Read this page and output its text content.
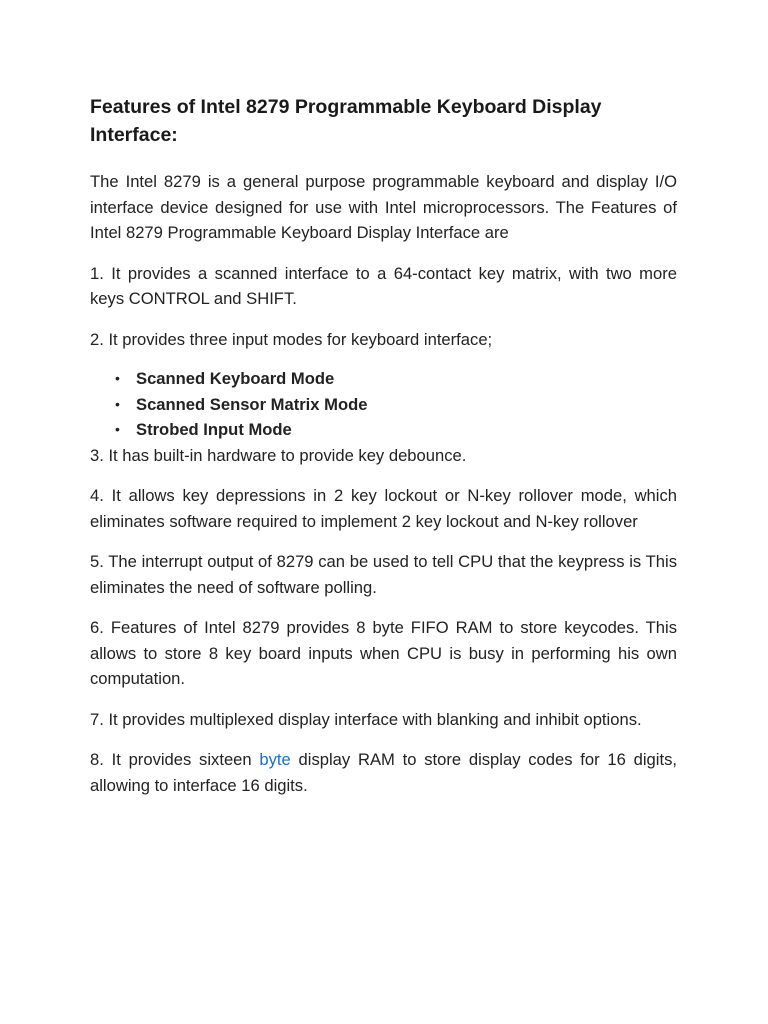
Features of Intel 8279 Programmable Keyboard Display Interface:

The Intel 8279 is a general purpose programmable keyboard and display I/O interface device designed for use with Intel microprocessors. The Features of Intel 8279 Programmable Keyboard Display Interface are

1. It provides a scanned interface to a 64-contact key matrix, with two more keys CONTROL and SHIFT.

2. It provides three input modes for keyboard interface;

• Scanned Keyboard Mode
• Scanned Sensor Matrix Mode
• Strobed Input Mode

3. It has built-in hardware to provide key debounce.

4. It allows key depressions in 2 key lockout or N-key rollover mode, which eliminates software required to implement 2 key lockout and N-key rollover

5. The interrupt output of 8279 can be used to tell CPU that the keypress is This eliminates the need of software polling.

6. Features of Intel 8279 provides 8 byte FIFO RAM to store keycodes. This allows to store 8 key board inputs when CPU is busy in performing his own computation.

7. It provides multiplexed display interface with blanking and inhibit options.

8. It provides sixteen byte display RAM to store display codes for 16 digits, allowing to interface 16 digits.
